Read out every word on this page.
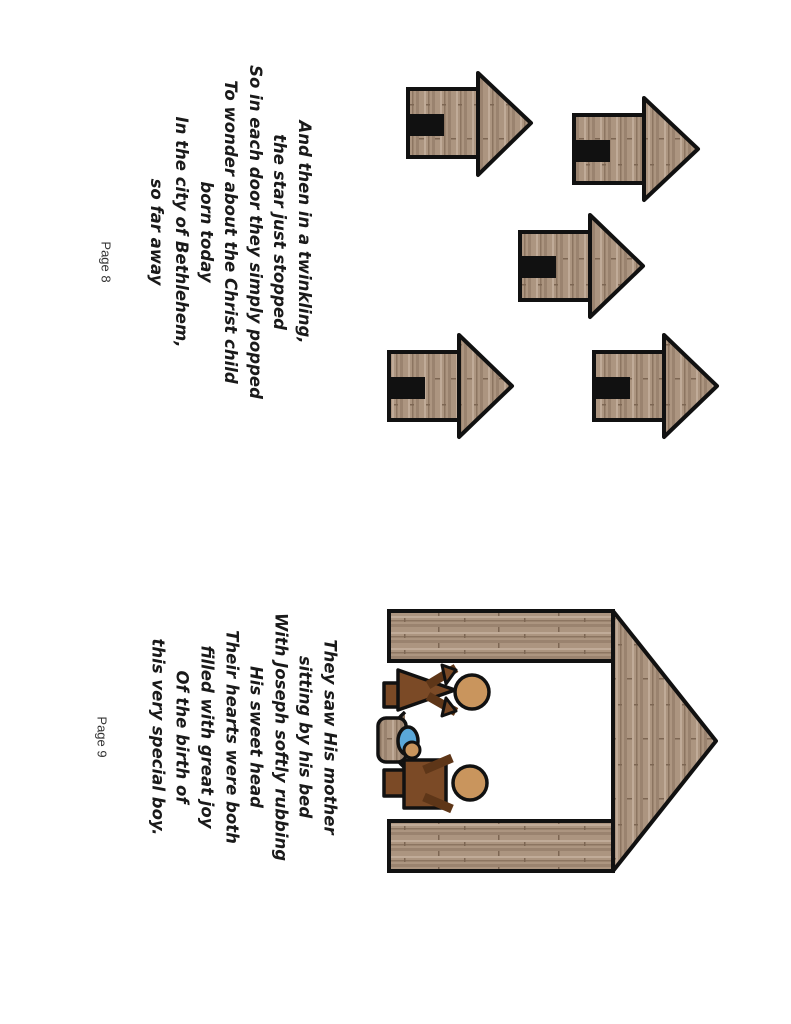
And then in a twinkling,
the star just stopped
So in each door they simply popped
To wonder about the Christ child
born today
In the city of Bethlehem,
so far away
Page 8
They saw His mother
sitting by his bed
With Joseph softly rubbing
His sweet head
Their hearts were both
filled with great joy
Of the birth of
this very special boy.
Page 9
